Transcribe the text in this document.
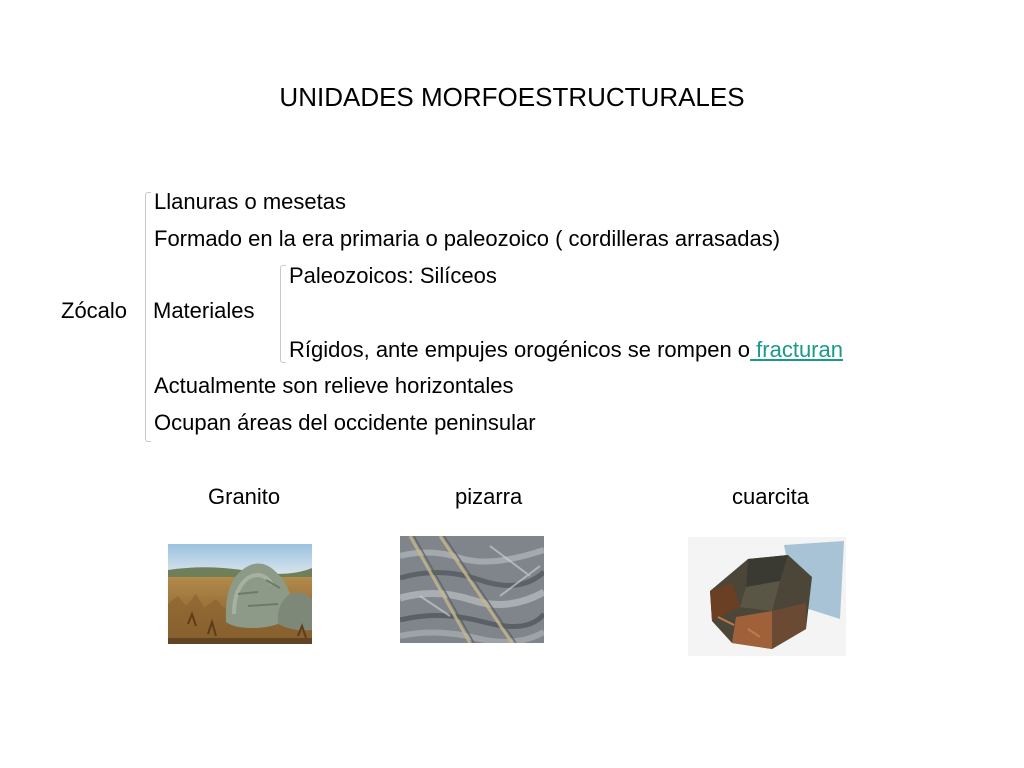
UNIDADES MORFOESTRUCTURALES
Zócalo Materiales
Llanuras o mesetas
Formado en la era primaria o paleozoico ( cordilleras arrasadas)
Paleozoicos: Silíceos
Rígidos, ante empujes orogénicos se rompen o fracturan
Actualmente son relieve horizontales
Ocupan áreas del occidente peninsular
Granito	pizarra	cuarcita
